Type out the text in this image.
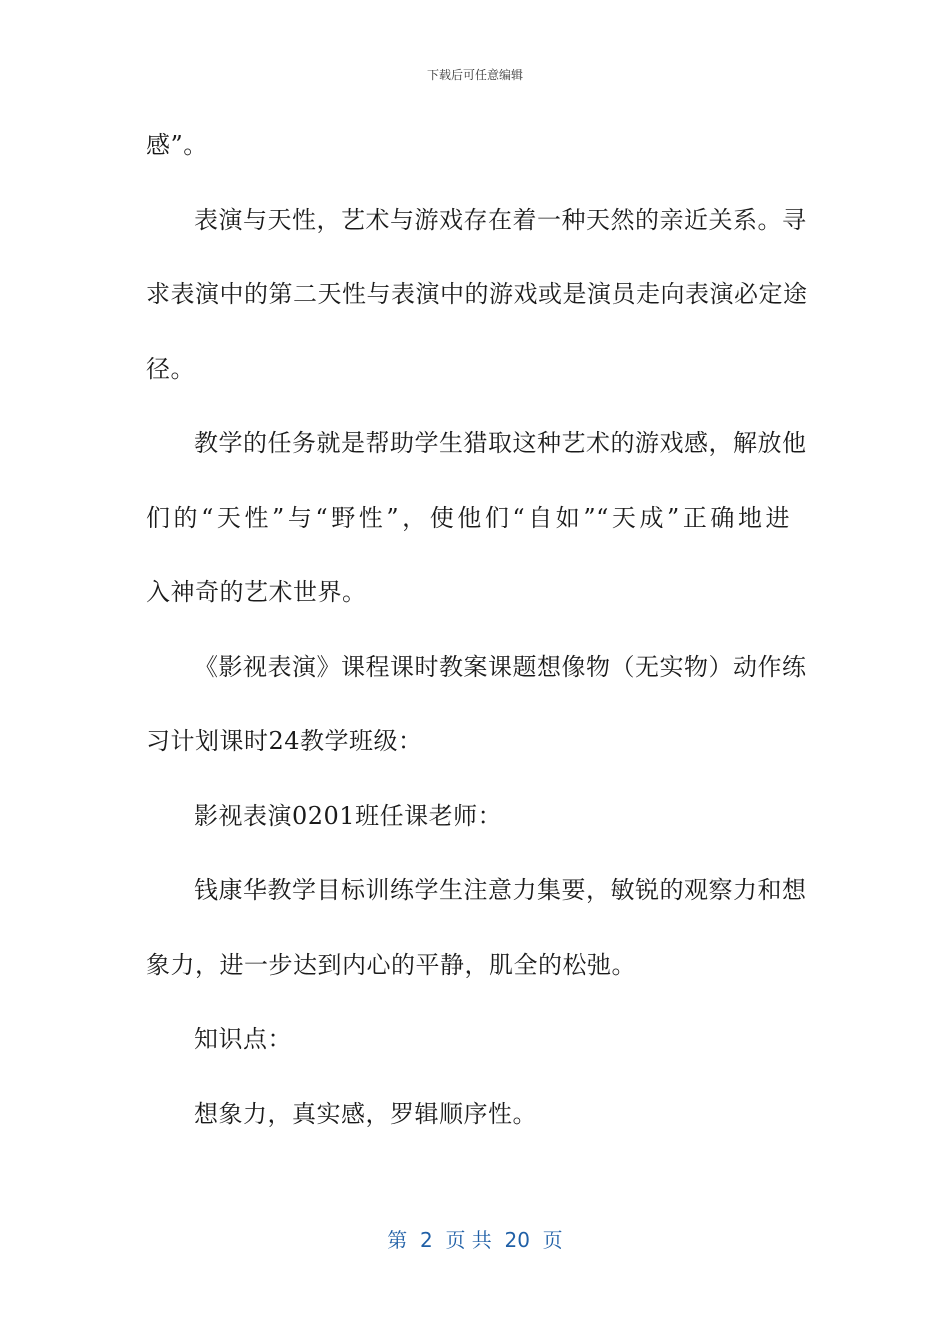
下载后可任意编辑
感”。
表演与天性，艺术与游戏存在着一种天然的亲近关系。寻
求表演中的第二天性与表演中的游戏或是演员走向表演必定途
径。
教学的任务就是帮助学生猎取这种艺术的游戏感，解放他
们的“天性”与“野性”，使他们“自如”“天成”正确地进
入神奇的艺术世界。
《影视表演》课程课时教案课题想像物（无实物）动作练
习计划课时24教学班级：
影视表演0201班任课老师：
钱康华教学目标训练学生注意力集要，敏锐的观察力和想
象力，进一步达到内心的平静，肌全的松弛。
知识点：
想象力，真实感，罗辑顺序性。
第  2  页 共  20  页
